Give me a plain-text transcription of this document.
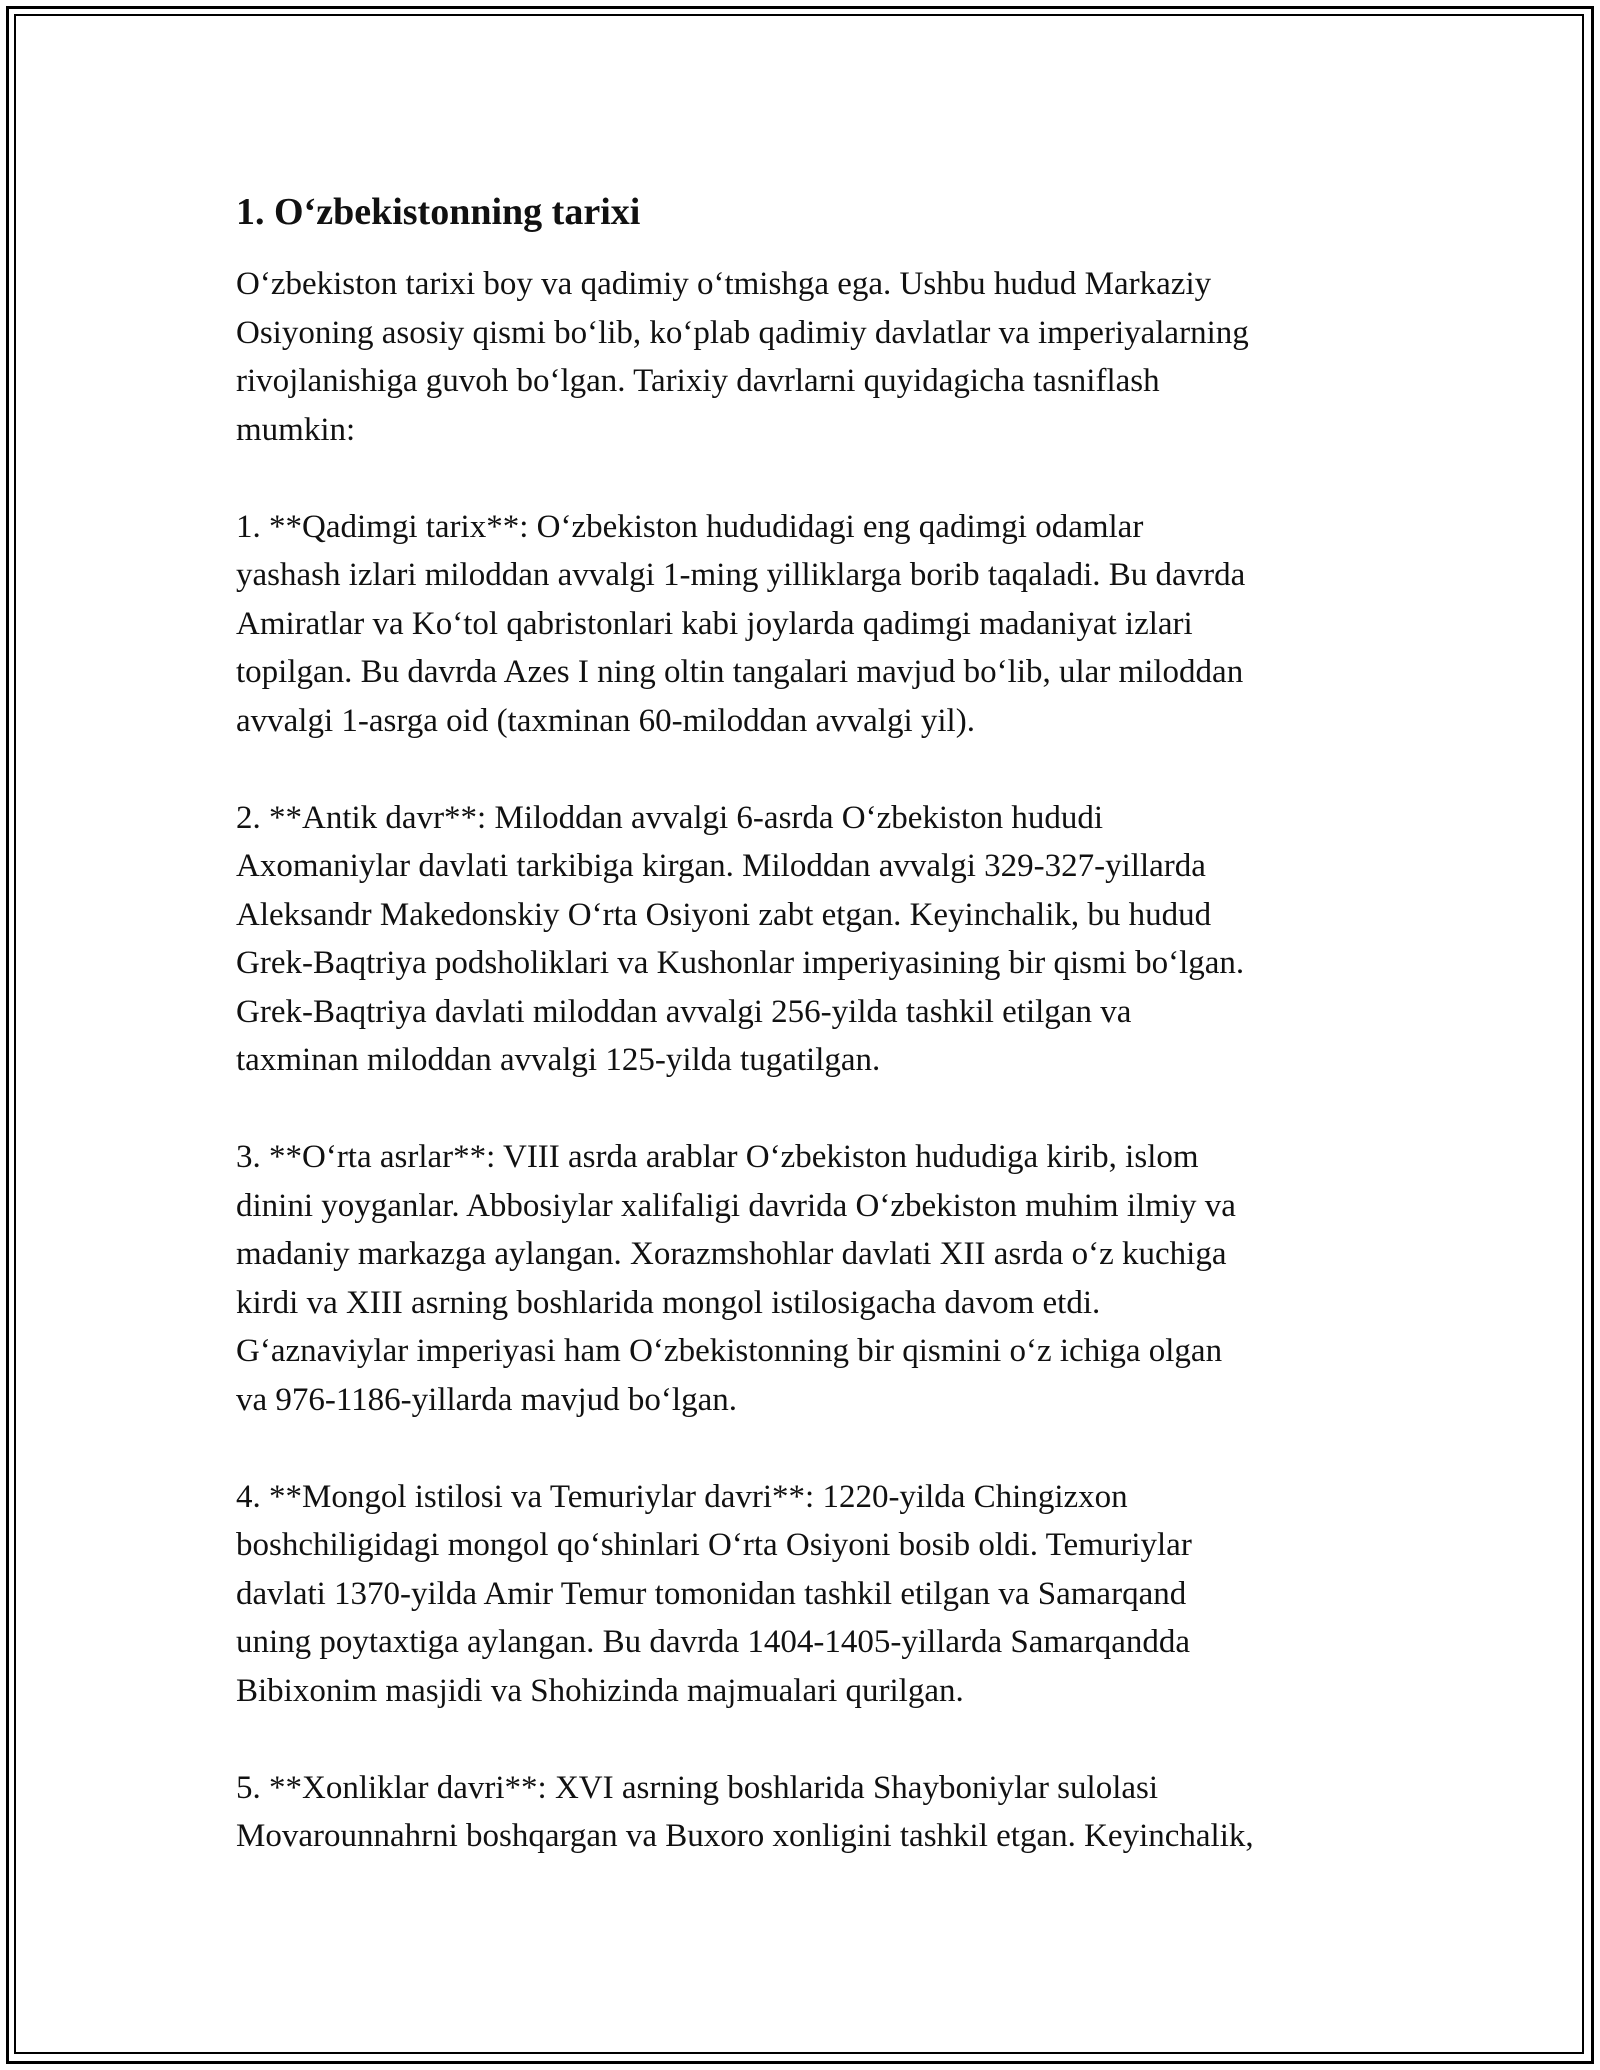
1. O‘zbekistonning tarixi

O‘zbekiston tarixi boy va qadimiy o‘tmishga ega. Ushbu hudud Markaziy
Osiyoning asosiy qismi bo‘lib, ko‘plab qadimiy davlatlar va imperiyalarning
rivojlanishiga guvoh bo‘lgan. Tarixiy davrlarni quyidagicha tasniflash
mumkin:

1. **Qadimgi tarix**: O‘zbekiston hududidagi eng qadimgi odamlar
yashash izlari miloddan avvalgi 1-ming yilliklarga borib taqaladi. Bu davrda
Amiratlar va Ko‘tol qabristonlari kabi joylarda qadimgi madaniyat izlari
topilgan. Bu davrda Azes I ning oltin tangalari mavjud bo‘lib, ular miloddan
avvalgi 1-asrga oid (taxminan 60-miloddan avvalgi yil).

2. **Antik davr**: Miloddan avvalgi 6-asrda O‘zbekiston hududi
Axomaniylar davlati tarkibiga kirgan. Miloddan avvalgi 329-327-yillarda
Aleksandr Makedonskiy O‘rta Osiyoni zabt etgan. Keyinchalik, bu hudud
Grek-Baqtriya podsholiklari va Kushonlar imperiyasining bir qismi bo‘lgan.
Grek-Baqtriya davlati miloddan avvalgi 256-yilda tashkil etilgan va
taxminan miloddan avvalgi 125-yilda tugatilgan.

3. **O‘rta asrlar**: VIII asrda arablar O‘zbekiston hududiga kirib, islom
dinini yoyganlar. Abbosiylar xalifaligi davrida O‘zbekiston muhim ilmiy va
madaniy markazga aylangan. Xorazmshohlar davlati XII asrda o‘z kuchiga
kirdi va XIII asrning boshlarida mongol istilosigacha davom etdi.
G‘aznaviylar imperiyasi ham O‘zbekistonning bir qismini o‘z ichiga olgan
va 976-1186-yillarda mavjud bo‘lgan.

4. **Mongol istilosi va Temuriylar davri**: 1220-yilda Chingizxon
boshchiligidagi mongol qo‘shinlari O‘rta Osiyoni bosib oldi. Temuriylar
davlati 1370-yilda Amir Temur tomonidan tashkil etilgan va Samarqand
uning poytaxtiga aylangan. Bu davrda 1404-1405-yillarda Samarqandda
Bibixonim masjidi va Shohizinda majmualari qurilgan.

5. **Xonliklar davri**: XVI asrning boshlarida Shayboniylar sulolasi
Movarounnahrni boshqargan va Buxoro xonligini tashkil etgan. Keyinchalik,
